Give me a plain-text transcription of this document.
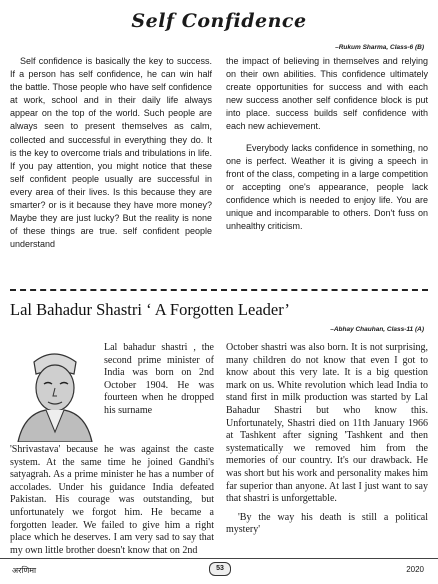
Self Confidence
–Rukum Sharma, Class-6 (B)

Self confidence is basically the key to success. If a person has self confidence, he can win half the battle. Those people who have self confidence at work, school and in their daily life always appear on the top of the world. Such people are always seen to present themselves as calm, collected and successful in everything they do. It is the key to overcome trials and tribulations in life. If you pay attention, you might notice that these self confident people usually are successful in every area of their lives. Is this because they are smarter? or is it because they have more money? Maybe they are just lucky? But the reality is none of these things are true. self confident people understand

the impact of believing in themselves and relying on their own abilities. This confidence ultimately create opportunities for success and with each new success another self confidence block is put into place. success builds self confidence with each new achievement.

Everybody lacks confidence in something, no one is perfect. Weather it is giving a speech in front of the class, competing in a large competition or accepting one's appearance, people lack confidence which is needed to enjoy life. You are unique and incomparable to others. Don't fuss on unhealthy criticism.

Lal Bahadur Shastri ‘ A Forgotten Leader’
–Abhay Chauhan, Class-11 (A)

Lal bahadur shastri , the second prime minister of India was born on 2nd October 1904. He was fourteen when he dropped his surname

'Shrivastava' because he was against the caste system. At the same time he joined Gandhi's satyagrah. As a prime minister he has a number of accolades. Under his guidance India defeated Pakistan. His courage was outstanding, but unfortunately we forgot him. He became a forgotten leader. We failed to give him a right place which he deserves. I am very sad to say that my own little brother doesn't know that on 2nd

October shastri was also born. It is not surprising, many children do not know that even I got to know about this very late. It is a big question mark on us. White revolution which lead India to stand first in milk production was started by Lal Bahadur Shastri but who know this. Unfortunately, Shastri died on 11th January 1966 at Tashkent after signing 'Tashkent and then systematically we removed him from the memories of our country. It's our drawback. He was short but his work and personality makes him far superior than anyone. At last I just want to say that shastri is unforgettable.

'By the way his death is still a political mystery'

अरणिमा	53	2020
